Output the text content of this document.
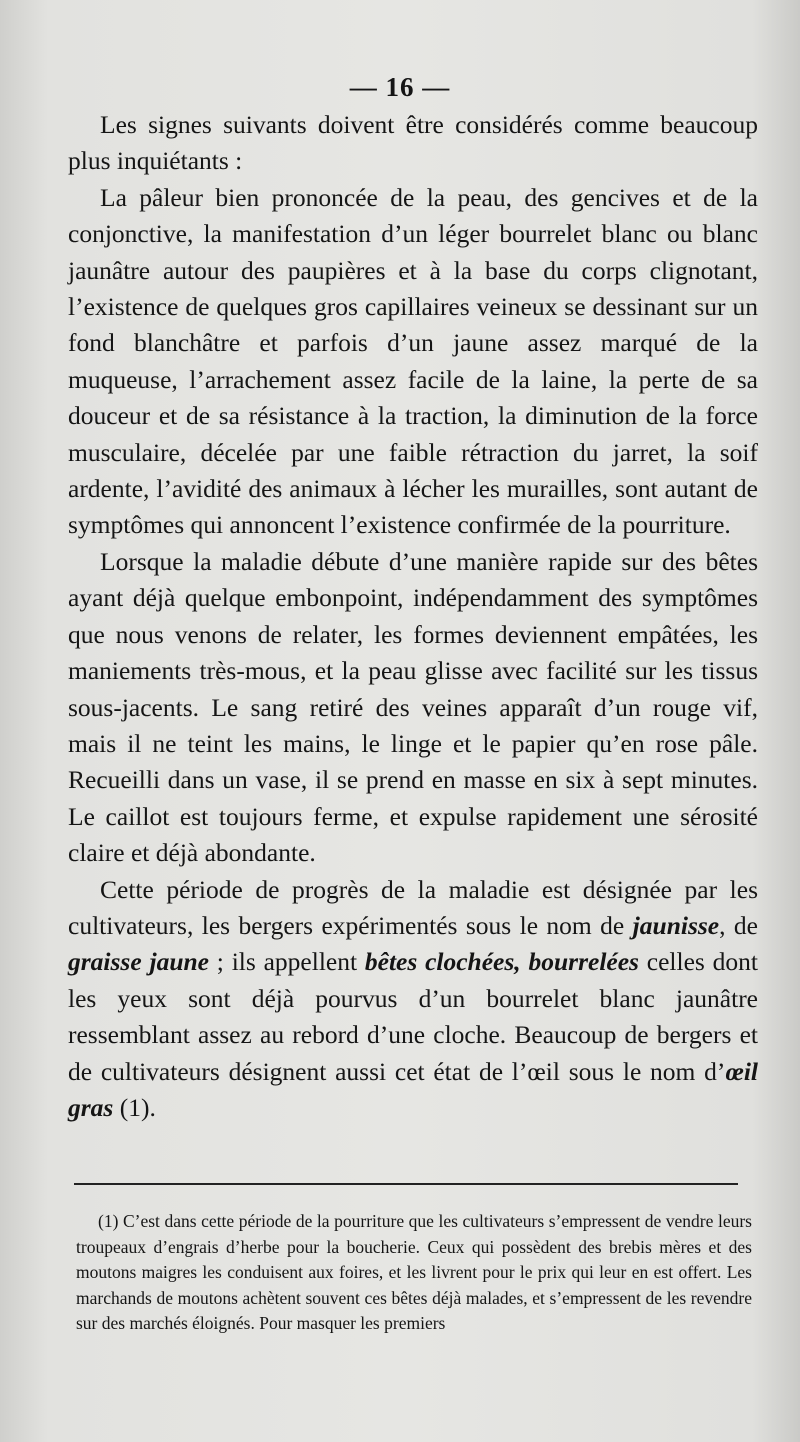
— 16 —

Les signes suivants doivent être considérés comme beaucoup plus inquiétants :

La pâleur bien prononcée de la peau, des gencives et de la conjonctive, la manifestation d’un léger bourrelet blanc ou blanc jaunâtre autour des paupières et à la base du corps clignotant, l’existence de quelques gros capillaires veineux se dessinant sur un fond blanchâtre et parfois d’un jaune assez marqué de la muqueuse, l’arrachement assez facile de la laine, la perte de sa douceur et de sa résistance à la traction, la diminution de la force musculaire, décelée par une faible rétraction du jarret, la soif ardente, l’avidité des animaux à lécher les murailles, sont autant de symptômes qui annoncent l’existence confirmée de la pourriture.

Lorsque la maladie débute d’une manière rapide sur des bêtes ayant déjà quelque embonpoint, indépendamment des symptômes que nous venons de relater, les formes deviennent empâtées, les maniements très-mous, et la peau glisse avec facilité sur les tissus sous-jacents. Le sang retiré des veines apparaît d’un rouge vif, mais il ne teint les mains, le linge et le papier qu’en rose pâle. Recueilli dans un vase, il se prend en masse en six à sept minutes. Le caillot est toujours ferme, et expulse rapidement une sérosité claire et déjà abondante.

Cette période de progrès de la maladie est désignée par les cultivateurs, les bergers expérimentés sous le nom de jaunisse, de graisse jaune ; ils appellent bêtes clochées, bourrelées celles dont les yeux sont déjà pourvus d’un bourrelet blanc jaunâtre ressemblant assez au rebord d’une cloche. Beaucoup de bergers et de cultivateurs désignent aussi cet état de l’œil sous le nom d’œil gras (1).

(1) C’est dans cette période de la pourriture que les cultivateurs s’empressent de vendre leurs troupeaux d’engrais d’herbe pour la boucherie. Ceux qui possèdent des brebis mères et des moutons maigres les conduisent aux foires, et les livrent pour le prix qui leur en est offert. Les marchands de moutons achètent souvent ces bêtes déjà malades, et s’empressent de les revendre sur des marchés éloignés. Pour masquer les premiers
